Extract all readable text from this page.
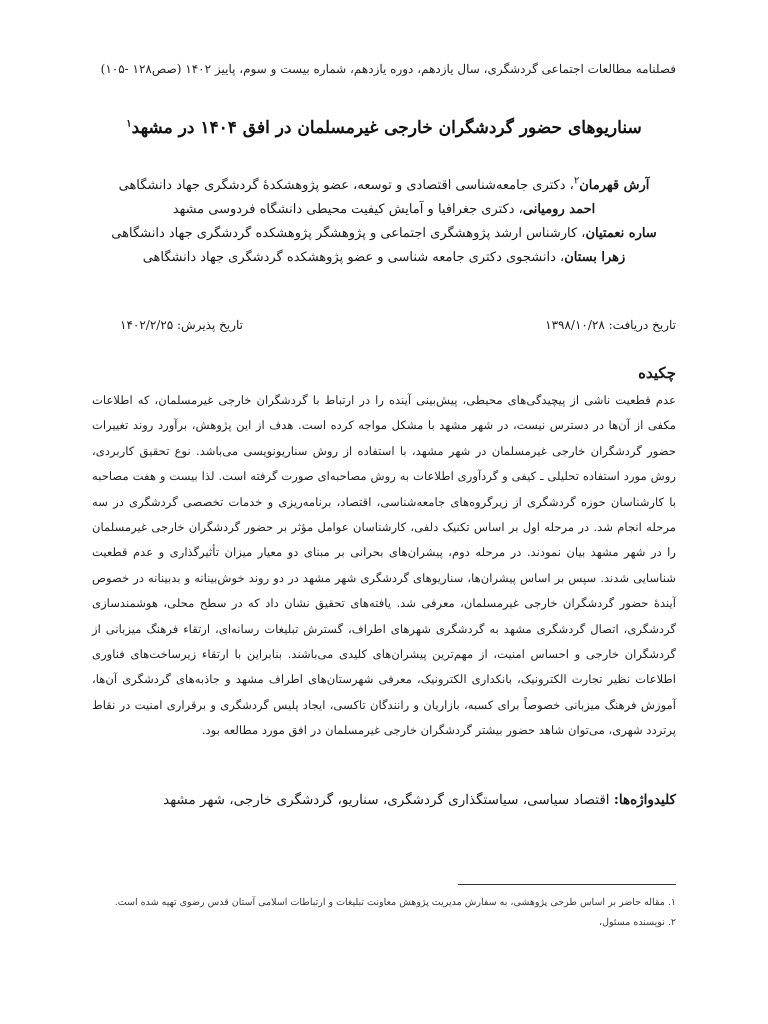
فصلنامه مطالعات اجتماعی گردشگری، سال یازدهم، دوره یازدهم، شماره بیست و سوم، پاییز ۱۴۰۲ (صص۱۲۸ -۱۰۵)
سناریوهای حضور گردشگران خارجی غیرمسلمان در افق ۱۴۰۴ در مشهد$^۱$
آرش قهرمان$^۲$، دکتری جامعه‌شناسی اقتصادی و توسعه، عضو پژوهشکدهٔ گردشگری جهاد دانشگاهی
احمد رومیانی، دکتری جغرافیا و آمایش کیفیت محیطی دانشگاه فردوسی مشهد
ساره نعمتیان، کارشناس ارشد پژوهشگری اجتماعی و پژوهشگر پژوهشکده گردشگری جهاد دانشگاهی
زهرا بستان، دانشجوی دکتری جامعه شناسی و عضو پژوهشکده گردشگری جهاد دانشگاهی
تاریخ دریافت: ۱۳۹۸/۱۰/۲۸
تاریخ پذیرش: ۱۴۰۲/۲/۲۵
چکیده

عدم قطعیت ناشی از پیچیدگی‌های محیطی، پیش‌بینی آینده را در ارتباط با گردشگران خارجی غیرمسلمان، که اطلاعات مکفی از آن‌ها در دسترس نیست، در شهر مشهد با مشکل مواجه کرده است. هدف از این پژوهش، برآورد روند تغییرات حضور گردشگران خارجی غیرمسلمان در شهر مشهد، با استفاده از روش سناریونویسی می‌باشد. نوع تحقیق کاربردی، روش مورد استفاده تحلیلی ـ کیفی و گردآوری اطلاعات به روش مصاحبه‌ای صورت گرفته است. لذا بیست و هفت مصاحبه با کارشناسان حوزه گردشگری از زیرگروه‌های جامعه‌شناسی، اقتصاد، برنامه‌ریزی و خدمات تخصصی گردشگری در سه مرحله انجام شد. در مرحله اول بر اساس تکنیک دلفی، کارشناسان عوامل مؤثر بر حضور گردشگران خارجی غیرمسلمان را در شهر مشهد بیان نمودند. در مرحله دوم، پیشران‌های بحرانی بر مبنای دو معیار میزان تأثیرگذاری و عدم قطعیت شناسایی شدند. سپس بر اساس پیشران‌ها، سناریوهای گردشگری شهر مشهد در دو روند خوش‌بینانه و بدبینانه در خصوص آیندهٔ حضور گردشگران خارجی غیرمسلمان، معرفی شد. یافته‌های تحقیق نشان داد که در سطح محلی، هوشمندسازی گردشگری، اتصال گردشگری مشهد به گردشگری شهرهای اطراف، گسترش تبلیغات رسانه‌ای، ارتقاء فرهنگ میزبانی از گردشگران خارجی و احساس امنیت، از مهم‌ترین پیشران‌های کلیدی می‌باشند. بنابراین با ارتقاء زیرساخت‌های فناوری اطلاعات نظیر تجارت الکترونیک، بانکداری الکترونیک، معرفی شهرستان‌های اطراف مشهد و جاذبه‌های گردشگری آن‌ها، آموزش فرهنگ میزبانی خصوصاً برای کسبه، بازاریان و رانندگان تاکسی، ایجاد پلیس گردشگری و برقراری امنیت در نقاط پرتردد شهری، می‌توان شاهد حضور بیشتر گردشگران خارجی غیرمسلمان در افق مورد مطالعه بود.

کلیدواژه‌ها: اقتصاد سیاسی، سیاستگذاری گردشگری، سناریو، گردشگری خارجی، شهر مشهد
۱. مقاله حاضر بر اساس طرحی پژوهشی، به سفارش مدیریت پژوهش معاونت تبلیغات و ارتباطات اسلامی آستان قدس رضوی تهیه شده است.
۲. نویسنده مسئول،
